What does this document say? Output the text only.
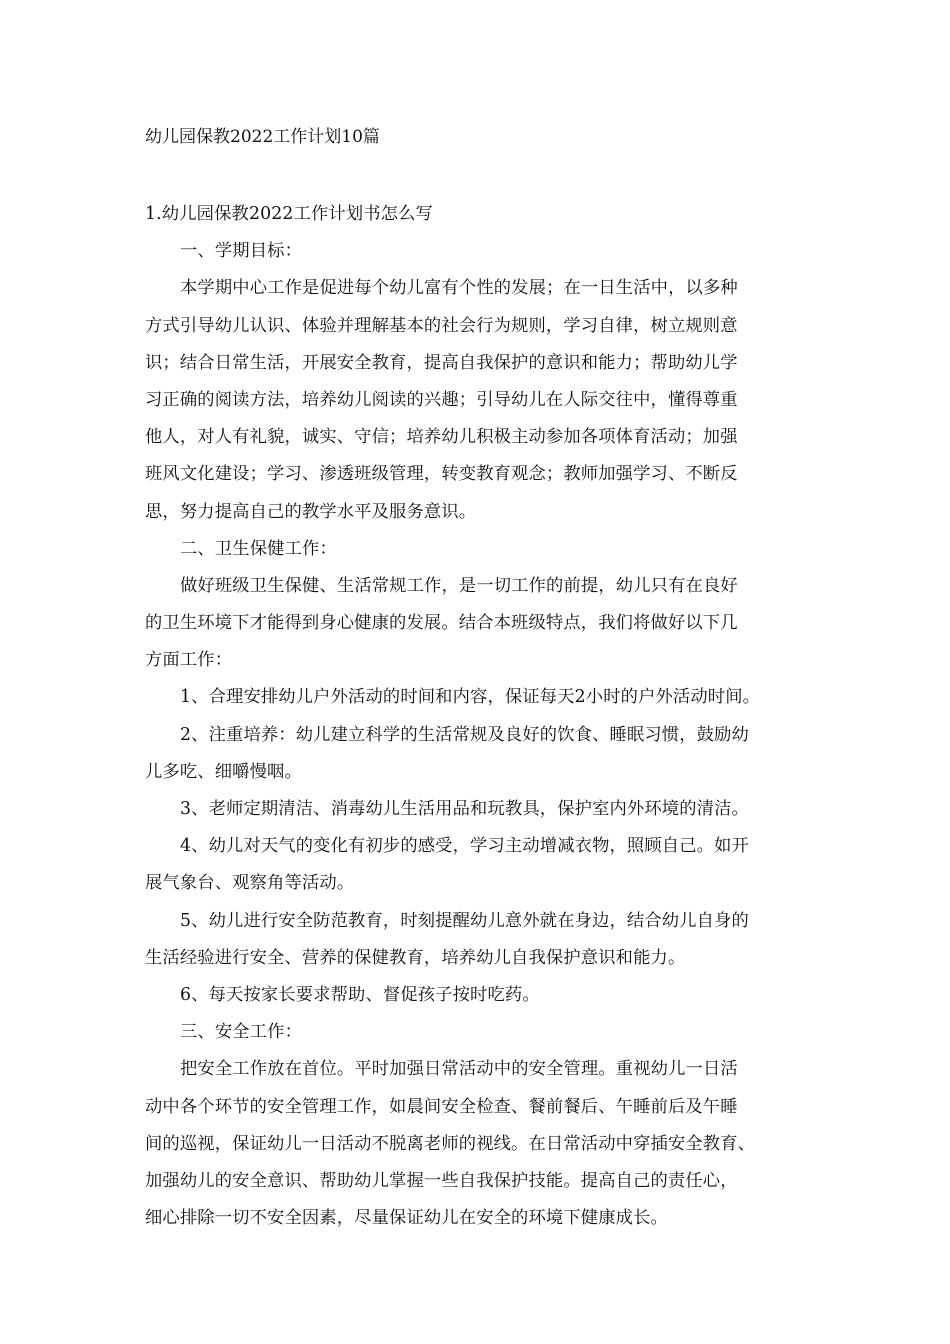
幼儿园保教2022工作计划10篇
1.幼儿园保教2022工作计划书怎么写
一、学期目标：
本学期中心工作是促进每个幼儿富有个性的发展；在一日生活中，以多种
方式引导幼儿认识、体验并理解基本的社会行为规则，学习自律，树立规则意
识；结合日常生活，开展安全教育，提高自我保护的意识和能力；帮助幼儿学
习正确的阅读方法，培养幼儿阅读的兴趣；引导幼儿在人际交往中，懂得尊重
他人，对人有礼貌，诚实、守信；培养幼儿积极主动参加各项体育活动；加强
班风文化建设；学习、渗透班级管理，转变教育观念；教师加强学习、不断反
思，努力提高自己的教学水平及服务意识。
二、卫生保健工作：
做好班级卫生保健、生活常规工作，是一切工作的前提，幼儿只有在良好
的卫生环境下才能得到身心健康的发展。结合本班级特点，我们将做好以下几
方面工作：
1、合理安排幼儿户外活动的时间和内容，保证每天2小时的户外活动时间。
2、注重培养：幼儿建立科学的生活常规及良好的饮食、睡眠习惯，鼓励幼
儿多吃、细嚼慢咽。
3、老师定期清洁、消毒幼儿生活用品和玩教具，保护室内外环境的清洁。
4、幼儿对天气的变化有初步的感受，学习主动增减衣物，照顾自己。如开
展气象台、观察角等活动。
5、幼儿进行安全防范教育，时刻提醒幼儿意外就在身边，结合幼儿自身的
生活经验进行安全、营养的保健教育，培养幼儿自我保护意识和能力。
6、每天按家长要求帮助、督促孩子按时吃药。
三、安全工作：
把安全工作放在首位。平时加强日常活动中的安全管理。重视幼儿一日活
动中各个环节的安全管理工作，如晨间安全检查、餐前餐后、午睡前后及午睡
间的巡视，保证幼儿一日活动不脱离老师的视线。在日常活动中穿插安全教育、
加强幼儿的安全意识、帮助幼儿掌握一些自我保护技能。提高自己的责任心，
细心排除一切不安全因素，尽量保证幼儿在安全的环境下健康成长。
